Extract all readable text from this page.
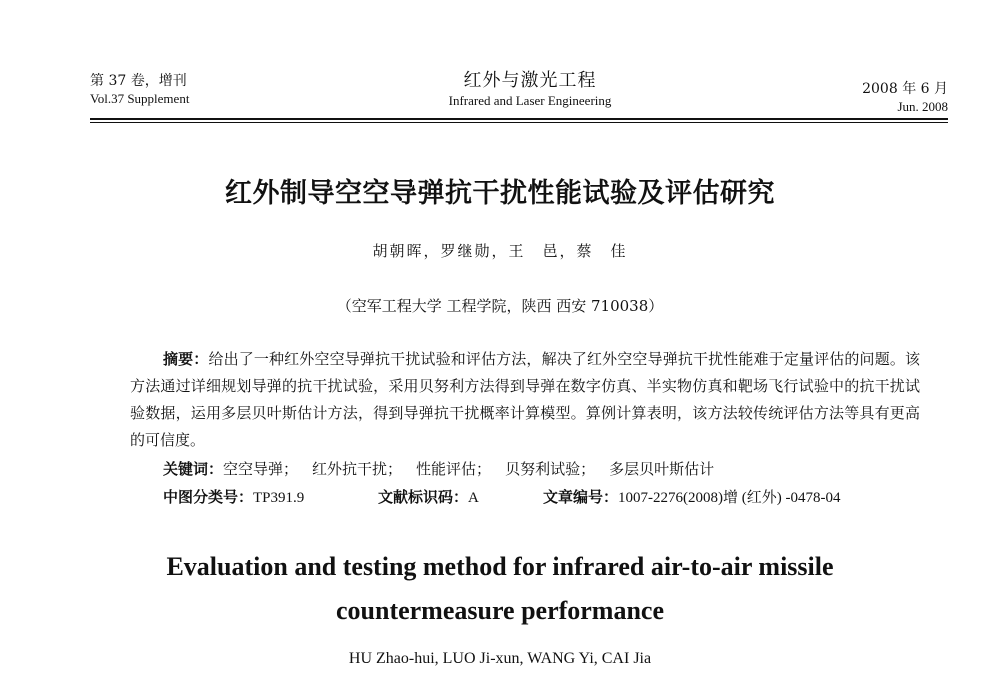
第 37 卷，增刊
Vol.37 Supplement
红外与激光工程
Infrared and Laser Engineering
2008 年 6 月
Jun. 2008
红外制导空空导弹抗干扰性能试验及评估研究
胡朝晖，罗继勋，王　邑，蔡　佳
（空军工程大学 工程学院，陕西 西安 710038）
摘要：给出了一种红外空空导弹抗干扰试验和评估方法，解决了红外空空导弹抗干扰性能难于定量评估的问题。该方法通过详细规划导弹的抗干扰试验，采用贝努利方法得到导弹在数字仿真、半实物仿真和靶场飞行试验中的抗干扰试验数据，运用多层贝叶斯估计方法，得到导弹抗干扰概率计算模型。算例计算表明，该方法较传统评估方法等具有更高的可信度。
关键词：空空导弹； 红外抗干扰； 性能评估； 贝努利试验； 多层贝叶斯估计
中图分类号：TP391.9	文献标识码：A	文章编号：1007-2276(2008)增 (红外) -0478-04
Evaluation and testing method for infrared air-to-air missile
countermeasure performance
HU Zhao-hui, LUO Ji-xun, WANG Yi, CAI Jia
